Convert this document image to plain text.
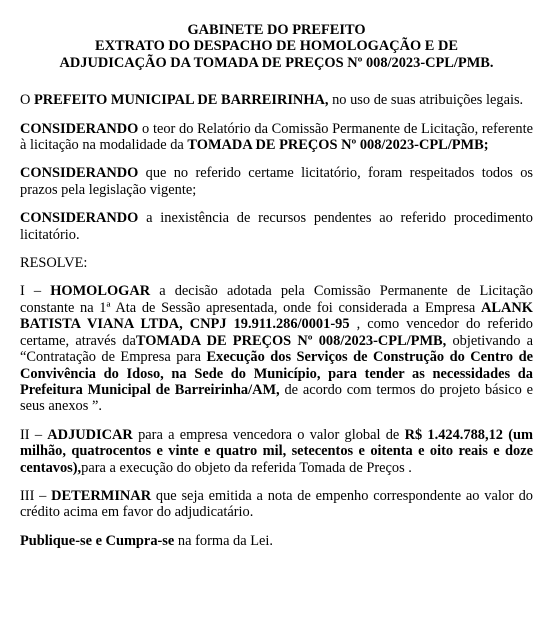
GABINETE DO PREFEITO
EXTRATO DO DESPACHO DE HOMOLOGAÇÃO E DE
ADJUDICAÇÃO DA TOMADA DE PREÇOS Nº 008/2023-CPL/PMB.

O PREFEITO MUNICIPAL DE BARREIRINHA, no uso de suas atribuições legais.

CONSIDERANDO o teor do Relatório da Comissão Permanente de Licitação, referente à licitação na modalidade da TOMADA DE PREÇOS Nº 008/2023-CPL/PMB;

CONSIDERANDO que no referido certame licitatório, foram respeitados todos os prazos pela legislação vigente;

CONSIDERANDO a inexistência de recursos pendentes ao referido procedimento licitatório.

RESOLVE:

I – HOMOLOGAR a decisão adotada pela Comissão Permanente de Licitação constante na 1ª Ata de Sessão apresentada, onde foi considerada a Empresa ALANK BATISTA VIANA LTDA, CNPJ 19.911.286/0001-95 , como vencedor do referido certame, através daTOMADA DE PREÇOS Nº 008/2023-CPL/PMB, objetivando a “Contratação de Empresa para Execução dos Serviços de Construção do Centro de Convivência do Idoso, na Sede do Município, para tender as necessidades da Prefeitura Municipal de Barreirinha/AM, de acordo com termos do projeto básico e seus anexos ”.

II – ADJUDICAR para a empresa vencedora o valor global de R$ 1.424.788,12 (um milhão, quatrocentos e vinte e quatro mil, setecentos e oitenta e oito reais e doze centavos),para a execução do objeto da referida Tomada de Preços .

III – DETERMINAR que seja emitida a nota de empenho correspondente ao valor do crédito acima em favor do adjudicatário.

Publique-se e Cumpra-se na forma da Lei.
